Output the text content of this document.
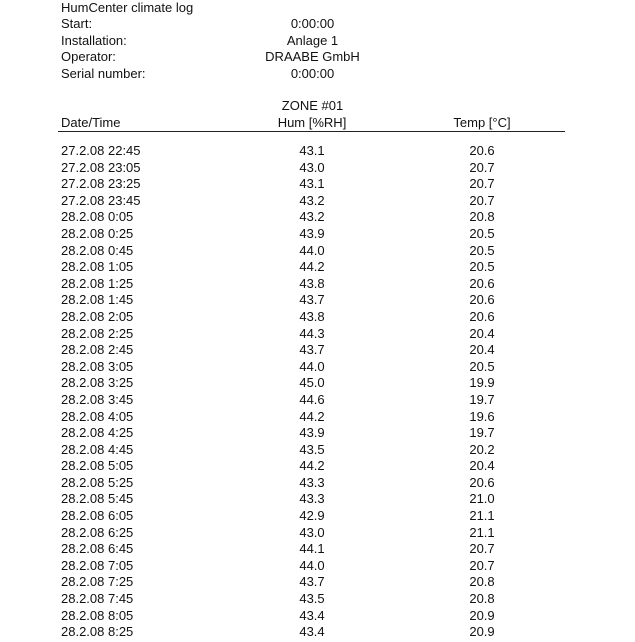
HumCenter climate log
Start:	0:00:00
Installation:	Anlage 1
Operator:	DRAABE GmbH
Serial number:	0:00:00
ZONE #01
Date/Time	Hum [%RH]	Temp [°C]
27.2.08 22:45	43.1	20.6
27.2.08 23:05	43.0	20.7
27.2.08 23:25	43.1	20.7
27.2.08 23:45	43.2	20.7
28.2.08 0:05	43.2	20.8
28.2.08 0:25	43.9	20.5
28.2.08 0:45	44.0	20.5
28.2.08 1:05	44.2	20.5
28.2.08 1:25	43.8	20.6
28.2.08 1:45	43.7	20.6
28.2.08 2:05	43.8	20.6
28.2.08 2:25	44.3	20.4
28.2.08 2:45	43.7	20.4
28.2.08 3:05	44.0	20.5
28.2.08 3:25	45.0	19.9
28.2.08 3:45	44.6	19.7
28.2.08 4:05	44.2	19.6
28.2.08 4:25	43.9	19.7
28.2.08 4:45	43.5	20.2
28.2.08 5:05	44.2	20.4
28.2.08 5:25	43.3	20.6
28.2.08 5:45	43.3	21.0
28.2.08 6:05	42.9	21.1
28.2.08 6:25	43.0	21.1
28.2.08 6:45	44.1	20.7
28.2.08 7:05	44.0	20.7
28.2.08 7:25	43.7	20.8
28.2.08 7:45	43.5	20.8
28.2.08 8:05	43.4	20.9
28.2.08 8:25	43.4	20.9
